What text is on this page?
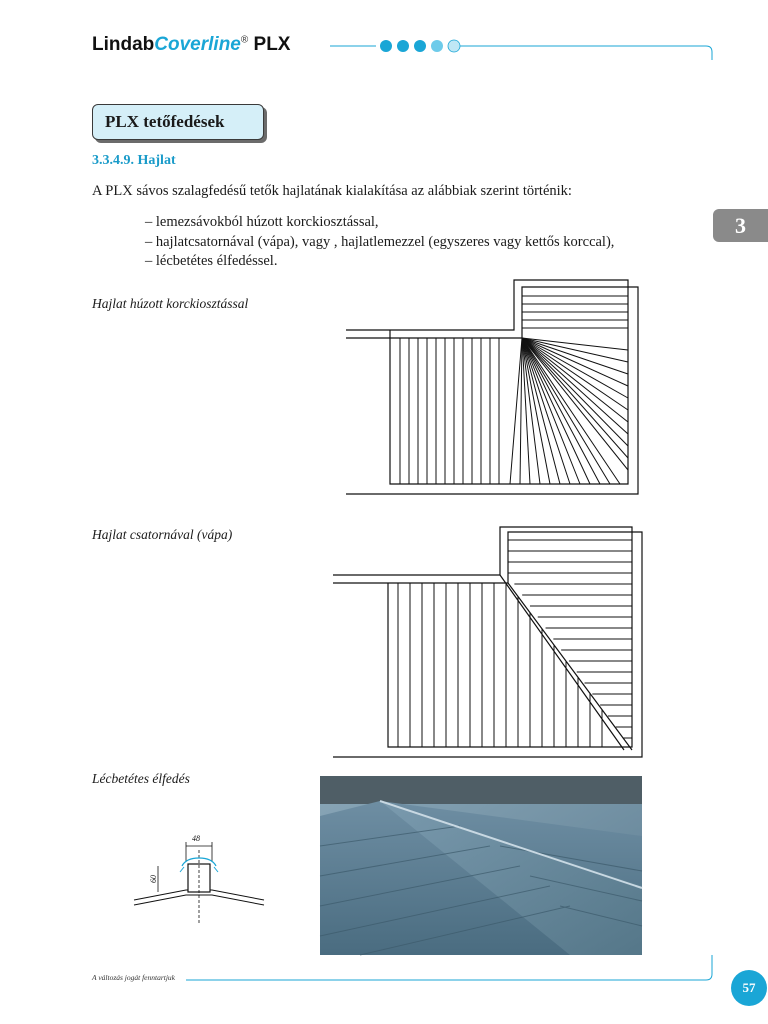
LindabCoverline® PLX
PLX tetőfedések
3.3.4.9. Hajlat
A PLX sávos szalagfedésű tetők hajlatának kialakítása az alábbiak szerint történik:
– lemezsávokból húzott korckiosztással,
– hajlatcsatornával (vápa), vagy , hajlatlemezzel (egyszeres vagy kettős korccal),
– lécbetétes élfedéssel.
3
Hajlat húzott korckiosztással
Hajlat csatornával (vápa)
Lécbetétes élfedés
48
60
A változás jogát fenntartjuk
57
